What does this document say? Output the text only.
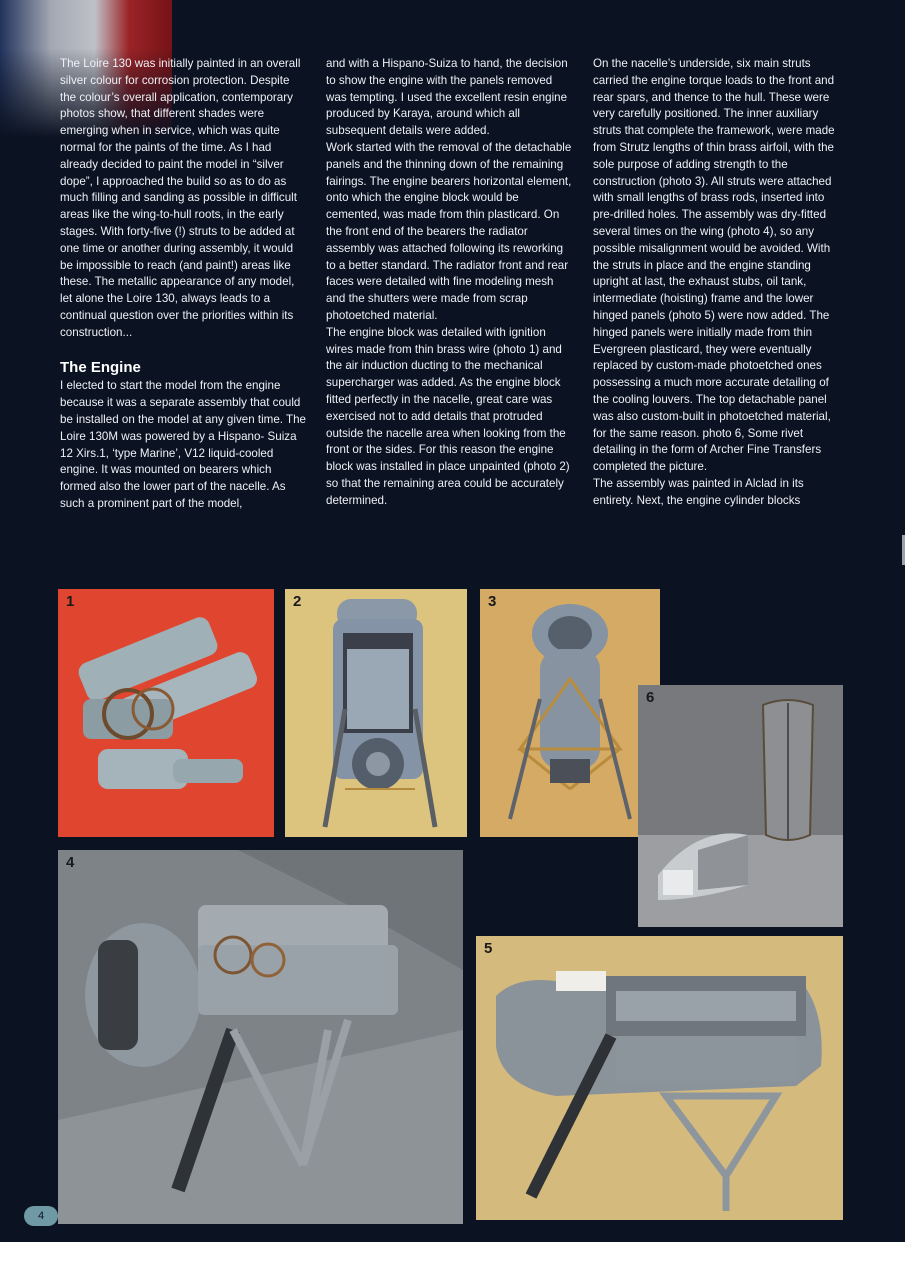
The Loire 130 was initially painted in an overall silver colour for corrosion protection. Despite the colour’s overall application, contemporary photos show, that different shades were emerging when in service, which was quite normal for the paints of the time. As I had already decided to paint the model in “silver dope”, I approached the build so as to do as much filling and sanding as possible in difficult areas like the wing-to-hull roots, in the early stages. With forty-five (!) struts to be added at one time or another during assembly, it would be impossible to reach (and paint!) areas like these. The metallic appearance of any model, let alone the Loire 130, always leads to a continual question over the priorities within its construction...

The Engine

I elected to start the model from the engine because it was a separate assembly that could be installed on the model at any given time. The Loire 130M was powered by a Hispano- Suiza 12 Xirs.1, ‘type Marine’, V12 liquid-cooled engine. It was mounted on bearers which formed also the lower part of the nacelle. As such a prominent part of the model,

and with a Hispano-Suiza to hand, the decision to show the engine with the panels removed was tempting. I used the excellent resin engine produced by Karaya, around which all subsequent details were added.

Work started with the removal of the detachable panels and the thinning down of the remaining fairings. The engine bearers horizontal element, onto which the engine block would be cemented, was made from thin plasticard. On the front end of the bearers the radiator assembly was attached following its reworking to a better standard. The radiator front and rear faces were detailed with fine modeling mesh and the shutters were made from scrap photoetched material.

The engine block was detailed with ignition wires made from thin brass wire (photo 1) and the air induction ducting to the mechanical supercharger was added. As the engine block fitted perfectly in the nacelle, great care was exercised not to add details that protruded outside the nacelle area when looking from the front or the sides. For this reason the engine block was installed in place unpainted (photo 2) so that the remaining area could be accurately determined.

On the nacelle’s underside, six main struts carried the engine torque loads to the front and rear spars, and thence to the hull. These were very carefully positioned. The inner auxiliary struts that complete the framework, were made from Strutz lengths of thin brass airfoil, with the sole purpose of adding strength to the construction (photo 3). All struts were attached with small lengths of brass rods, inserted into pre-drilled holes. The assembly was dry-fitted several times on the wing (photo 4), so any possible misalignment would be avoided. With the struts in place and the engine standing upright at last, the exhaust stubs, oil tank, intermediate (hoisting) frame and the lower hinged panels (photo 5) were now added. The hinged panels were initially made from thin Evergreen plasticard, they were eventually replaced by custom-made photoetched ones possessing a much more accurate detailing of the cooling louvers. The top detachable panel was also custom-built in photoetched material, for the same reason. photo 6, Some rivet detailing in the form of Archer Fine Transfers completed the picture.

The assembly was painted in Alclad in its entirety. Next, the engine cylinder blocks

1	2	3
6
4
5
4
